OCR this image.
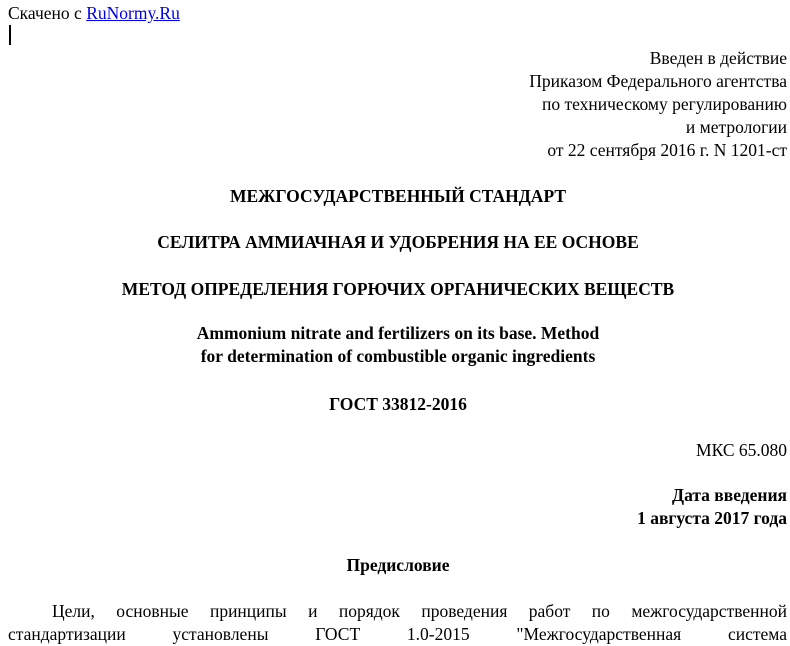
Скачено с RuNormy.Ru
Введен в действие
Приказом Федерального агентства
по техническому регулированию
и метрологии
от 22 сентября 2016 г. N 1201-ст
МЕЖГОСУДАРСТВЕННЫЙ СТАНДАРТ
СЕЛИТРА АММИАЧНАЯ И УДОБРЕНИЯ НА ЕЕ ОСНОВЕ
МЕТОД ОПРЕДЕЛЕНИЯ ГОРЮЧИХ ОРГАНИЧЕСКИХ ВЕЩЕСТВ
Ammonium nitrate and fertilizers on its base. Method
for determination of combustible organic ingredients
ГОСТ 33812-2016
МКС 65.080
Дата введения
1 августа 2017 года
Предисловие
Цели, основные принципы и порядок проведения работ по межгосударственной
стандартизации установлены ГОСТ 1.0-2015 "Межгосударственная система
